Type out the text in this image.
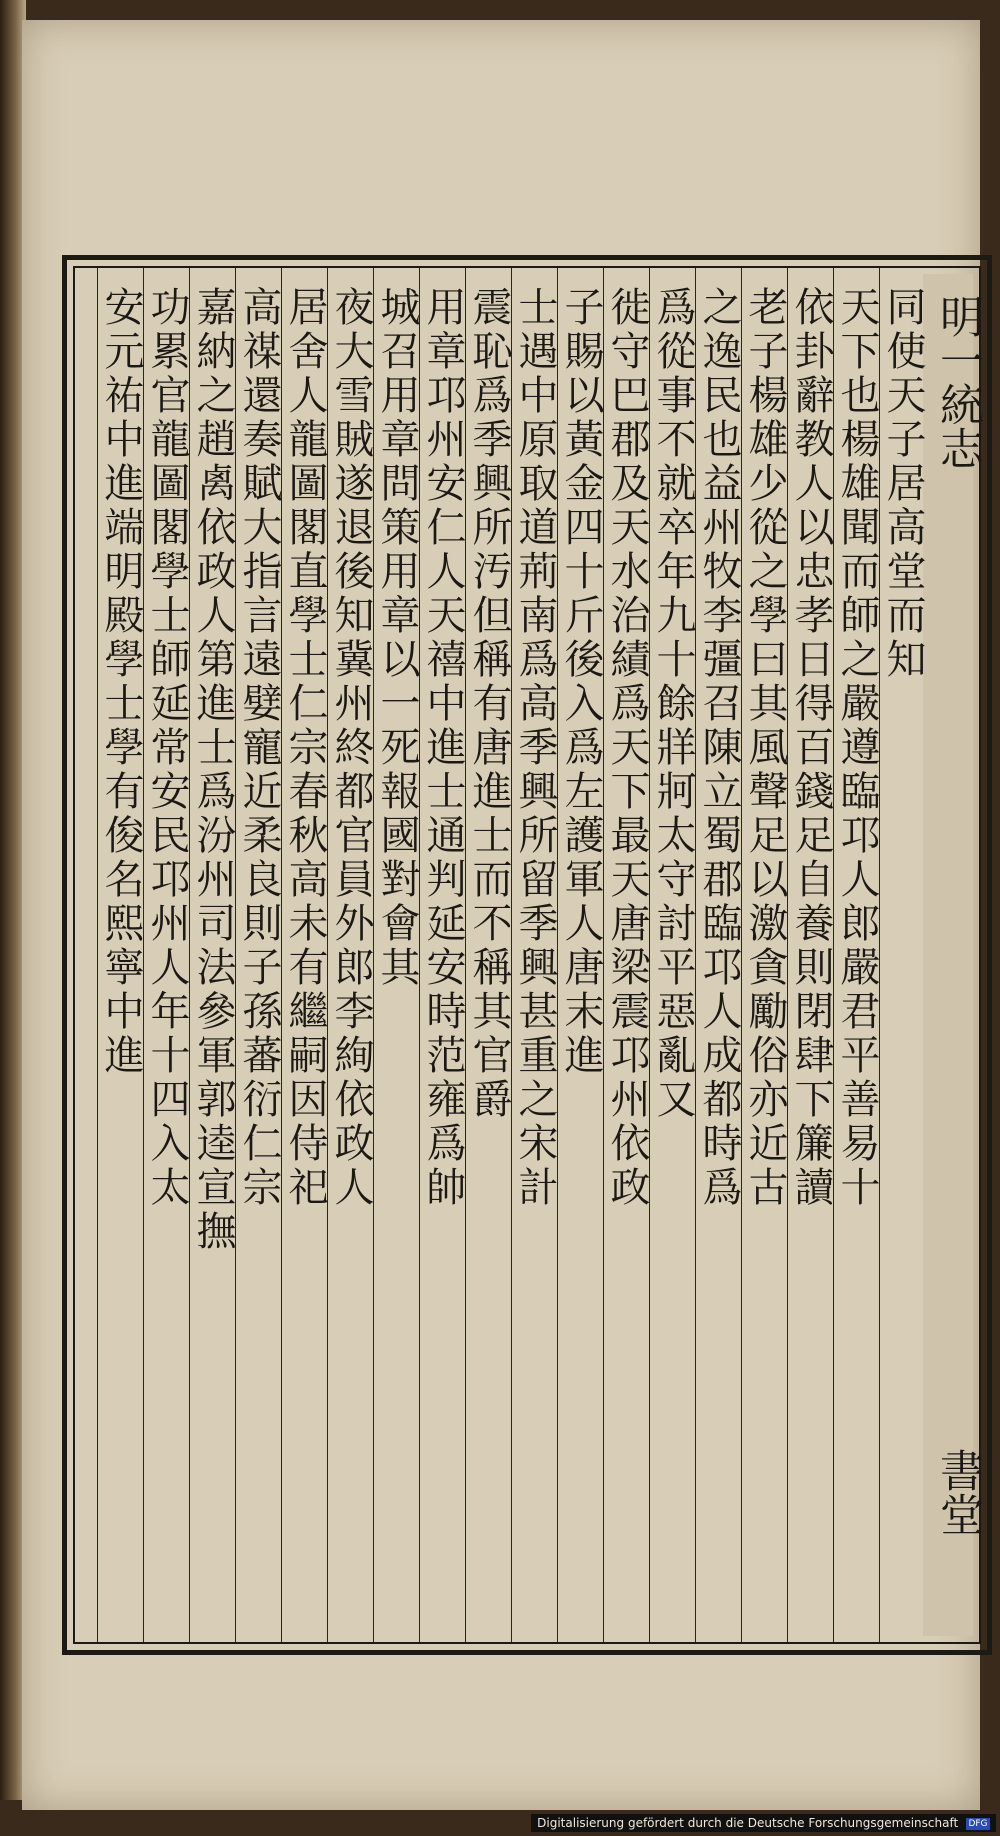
明一統志
書堂
同使天子居高堂而知
天下也楊雄聞而師之嚴遵臨邛人郎嚴君平善易十
依卦辭教人以忠孝日得百錢足自養則閉肆下簾讀
老子楊雄少從之學曰其風聲足以激貪勵俗亦近古
之逸民也益州牧李彊召陳立蜀郡臨邛人成都時爲
爲從事不就卒年九十餘牂牁太守討平惡亂又
徙守巴郡及天水治績爲天下最天唐梁震邛州依政
子賜以黃金四十斤後入爲左護軍人唐末進
士遇中原取道荊南爲高季興所留季興甚重之宋計
震恥爲季興所汚但稱有唐進士而不稱其官爵
用章邛州安仁人天禧中進士通判延安時范雍爲帥
城召用章問策用章以一死報國對會其
夜大雪賊遂退後知冀州終都官員外郎李絢依政人
居舍人龍圖閣直學士仁宗春秋高未有繼嗣因侍祀
高禖還奏賦大指言遠嬖寵近柔良則子孫蕃衍仁宗
嘉納之趙禼依政人第進士爲汾州司法參軍郭逵宣撫
功累官龍圖閣學士師延常安民邛州人年十四入太
安元祐中進端明殿學士學有俊名熙寧中進
Digitalisierung gefördert durch die Deutsche Forschungsgemeinschaft DFG
